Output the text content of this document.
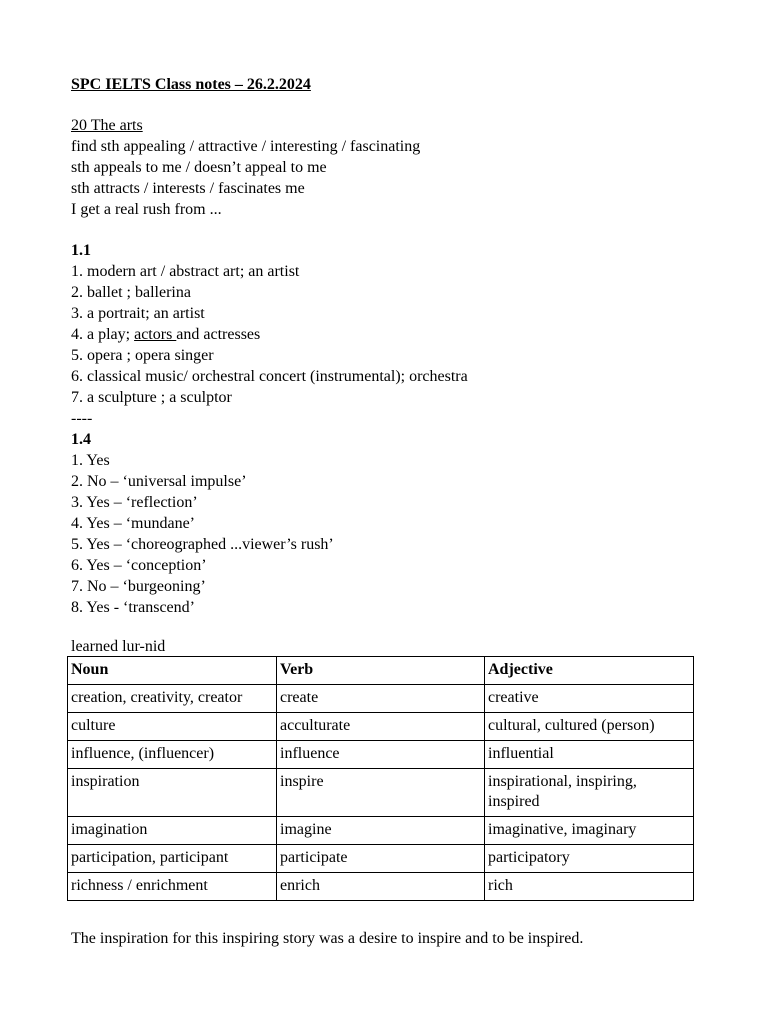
SPC IELTS Class notes – 26.2.2024
20 The arts
find sth appealing / attractive / interesting / fascinating
sth appeals to me / doesn’t appeal to me
sth attracts / interests / fascinates me
I get a real rush from ...
1.1
1. modern art / abstract art; an artist
2. ballet ; ballerina
3. a portrait; an artist
4. a play; actors and actresses
5. opera ; opera singer
6. classical music/ orchestral concert (instrumental); orchestra
7. a sculpture ; a sculptor
----
1.4
1. Yes
2. No – ‘universal impulse’
3. Yes – ‘reflection’
4. Yes – ‘mundane’
5. Yes – ‘choreographed ...viewer’s rush’
6. Yes – ‘conception’
7. No – ‘burgeoning’
8. Yes - ‘transcend’
learned lur-nid
Noun	Verb	Adjective
creation, creativity, creator	create	creative
culture	acculturate	cultural, cultured (person)
influence, (influencer)	influence	influential
inspiration	inspire	inspirational, inspiring, inspired
imagination	imagine	imaginative, imaginary
participation, participant	participate	participatory
richness / enrichment	enrich	rich
The inspiration for this inspiring story was a desire to inspire and to be inspired.
